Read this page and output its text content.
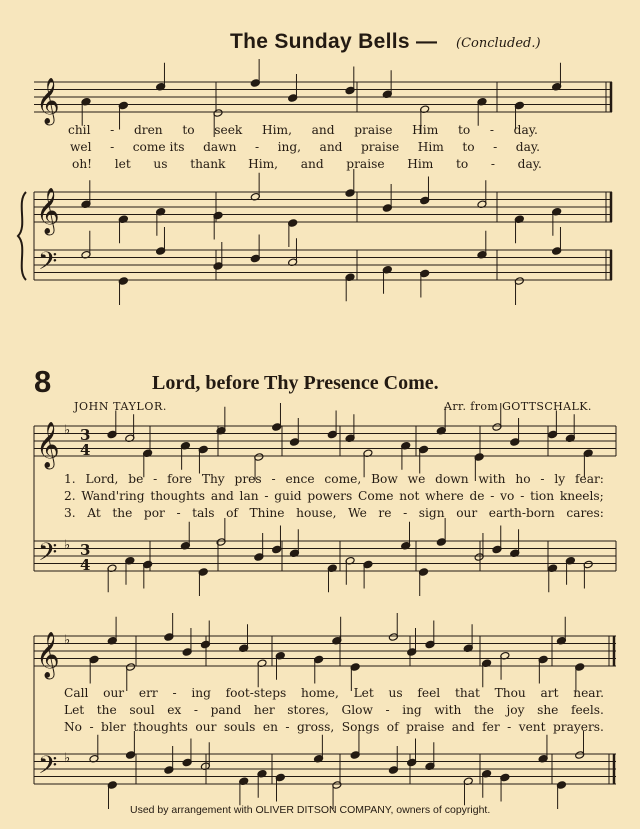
The Sunday Bells — (Concluded.)
𝄞
𝄞
𝄢
𝄞 ♭ 3
4
𝄢 ♭ 3
4
𝄞 ♭
𝄢 ♭
chil - dren to seek Him, and praise Him to - day.
wel - come its dawn - ing, and praise Him to - day.
oh! let us thank Him, and praise Him to - day.
8	Lord, before Thy Presence Come.
JOHN TAYLOR.	Arr. from GOTTSCHALK.
1. Lord, be - fore Thy pres - ence come, Bow we down with ho - ly fear:
2. Wand'ring thoughts and lan - guid powers Come not where de - vo - tion kneels;
3. At the por - tals of Thine house, We re - sign our earth-born cares:
Call our err - ing foot-steps home, Let us feel that Thou art near.
Let the soul ex - pand her stores, Glow - ing with the joy she feels.
No - bler thoughts our souls en - gross, Songs of praise and fer - vent prayers.
Used by arrangement with OLIVER DITSON COMPANY, owners of copyright.
